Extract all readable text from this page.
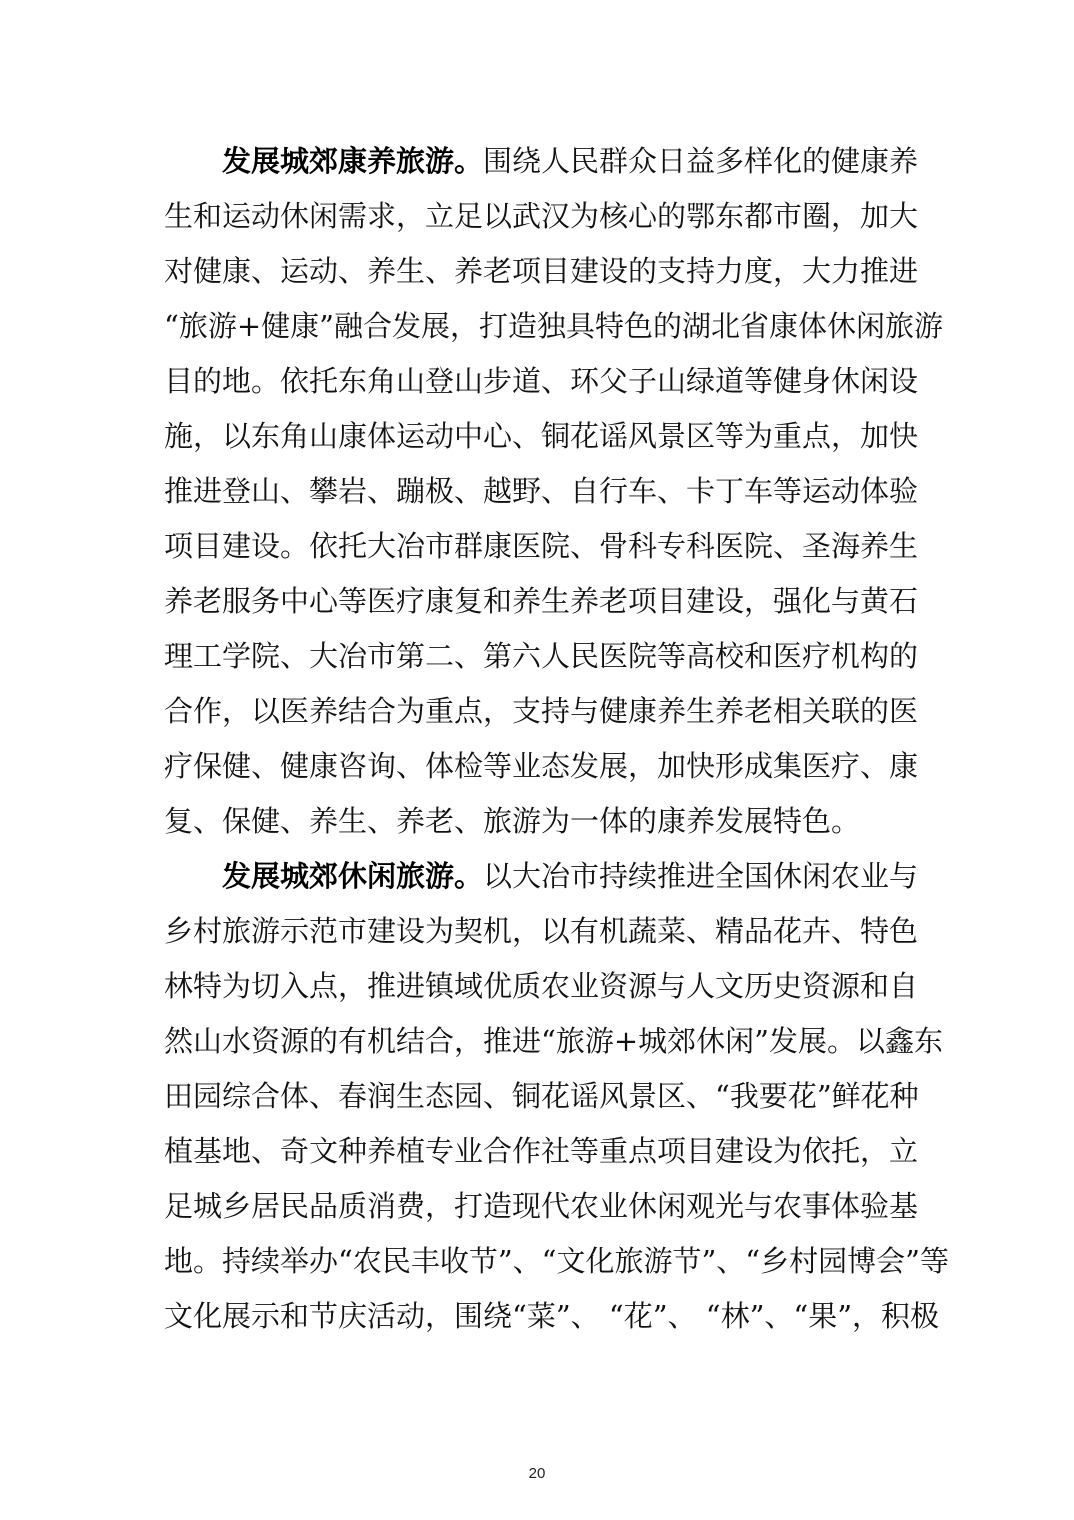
发展城郊康养旅游。围绕人民群众日益多样化的健康养
生和运动休闲需求，立足以武汉为核心的鄂东都市圈，加大
对健康、运动、养生、养老项目建设的支持力度，大力推进
“旅游+健康”融合发展，打造独具特色的湖北省康体休闲旅游
目的地。依托东角山登山步道、环父子山绿道等健身休闲设
施，以东角山康体运动中心、铜花谣风景区等为重点，加快
推进登山、攀岩、蹦极、越野、自行车、卡丁车等运动体验
项目建设。依托大冶市群康医院、骨科专科医院、圣海养生
养老服务中心等医疗康复和养生养老项目建设，强化与黄石
理工学院、大冶市第二、第六人民医院等高校和医疗机构的
合作，以医养结合为重点，支持与健康养生养老相关联的医
疗保健、健康咨询、体检等业态发展，加快形成集医疗、康
复、保健、养生、养老、旅游为一体的康养发展特色。
发展城郊休闲旅游。以大冶市持续推进全国休闲农业与
乡村旅游示范市建设为契机，以有机蔬菜、精品花卉、特色
林特为切入点，推进镇域优质农业资源与人文历史资源和自
然山水资源的有机结合，推进“旅游+城郊休闲”发展。以鑫东
田园综合体、春润生态园、铜花谣风景区、“我要花”鲜花种
植基地、奇文种养植专业合作社等重点项目建设为依托，立
足城乡居民品质消费，打造现代农业休闲观光与农事体验基
地。持续举办“农民丰收节”、“文化旅游节”、“乡村园博会”等
文化展示和节庆活动，围绕“菜”、 “花”、 “林”、“果”，积极
20
